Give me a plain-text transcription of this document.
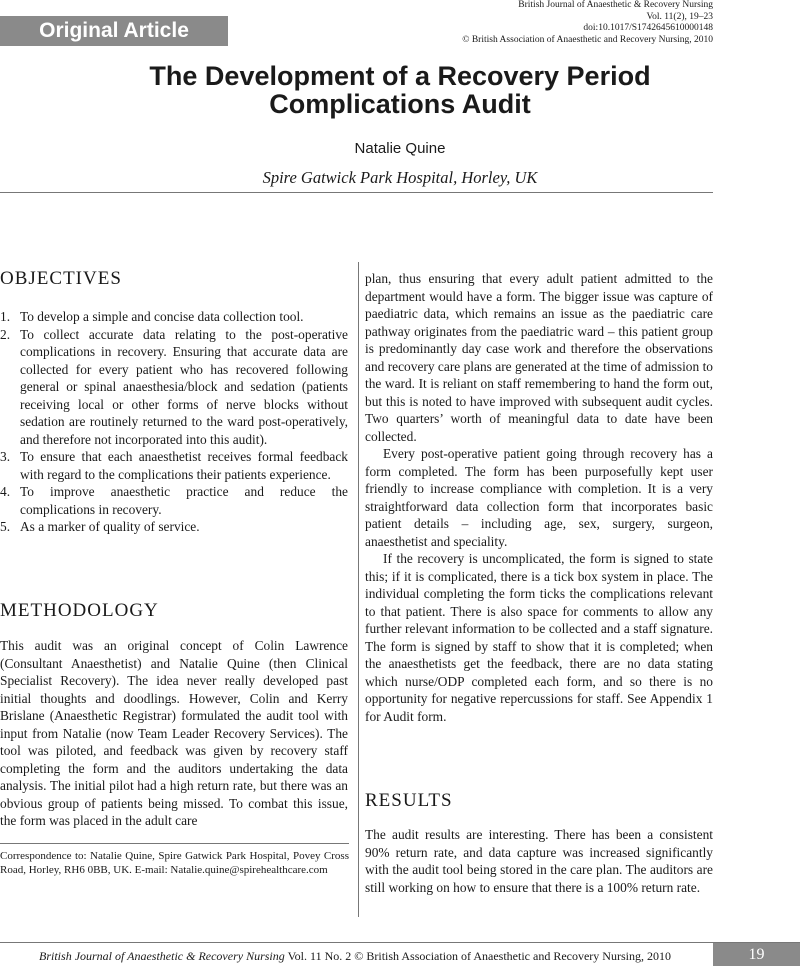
Original Article
British Journal of Anaesthetic & Recovery Nursing
Vol. 11(2), 19–23
doi:10.1017/S1742645610000148
© British Association of Anaesthetic and Recovery Nursing, 2010
The Development of a Recovery Period
Complications Audit
Natalie Quine
Spire Gatwick Park Hospital, Horley, UK
OBJECTIVES
1. To develop a simple and concise data collection tool.
2. To collect accurate data relating to the post-operative complications in recovery. Ensuring that accurate data are collected for every patient who has recovered following general or spinal anaesthesia/block and sedation (patients receiving local or other forms of nerve blocks without sedation are routinely returned to the ward post-operatively, and therefore not incorporated into this audit).
3. To ensure that each anaesthetist receives formal feedback with regard to the complications their patients experience.
4. To improve anaesthetic practice and reduce the complications in recovery.
5. As a marker of quality of service.
METHODOLOGY

This audit was an original concept of Colin Lawrence (Consultant Anaesthetist) and Natalie Quine (then Clinical Specialist Recovery). The idea never really developed past initial thoughts and doodlings. However, Colin and Kerry Brislane (Anaesthetic Registrar) formulated the audit tool with input from Natalie (now Team Leader Recovery Services). The tool was piloted, and feedback was given by recovery staff completing the form and the auditors undertaking the data analysis. The initial pilot had a high return rate, but there was an obvious group of patients being missed. To combat this issue, the form was placed in the adult care

Correspondence to: Natalie Quine, Spire Gatwick Park Hospital, Povey Cross Road, Horley, RH6 0BB, UK. E-mail: Natalie.quine@spirehealthcare.com

plan, thus ensuring that every adult patient admitted to the department would have a form. The bigger issue was capture of paediatric data, which remains an issue as the paediatric care pathway originates from the paediatric ward – this patient group is predominantly day case work and therefore the observations and recovery care plans are generated at the time of admission to the ward. It is reliant on staff remembering to hand the form out, but this is noted to have improved with subsequent audit cycles. Two quarters’ worth of meaningful data to date have been collected.

Every post-operative patient going through recovery has a form completed. The form has been purposefully kept user friendly to increase compliance with completion. It is a very straightforward data collection form that incorporates basic patient details – including age, sex, surgery, surgeon, anaesthetist and speciality.

If the recovery is uncomplicated, the form is signed to state this; if it is complicated, there is a tick box system in place. The individual completing the form ticks the complications relevant to that patient. There is also space for comments to allow any further relevant information to be collected and a staff signature. The form is signed by staff to show that it is completed; when the anaesthetists get the feedback, there are no data stating which nurse/ODP completed each form, and so there is no opportunity for negative repercussions for staff. See Appendix 1 for Audit form.

RESULTS

The audit results are interesting. There has been a consistent 90% return rate, and data capture was increased significantly with the audit tool being stored in the care plan. The auditors are still working on how to ensure that there is a 100% return rate.

British Journal of Anaesthetic & Recovery Nursing Vol. 11 No. 2 © British Association of Anaesthetic and Recovery Nursing, 2010	19
